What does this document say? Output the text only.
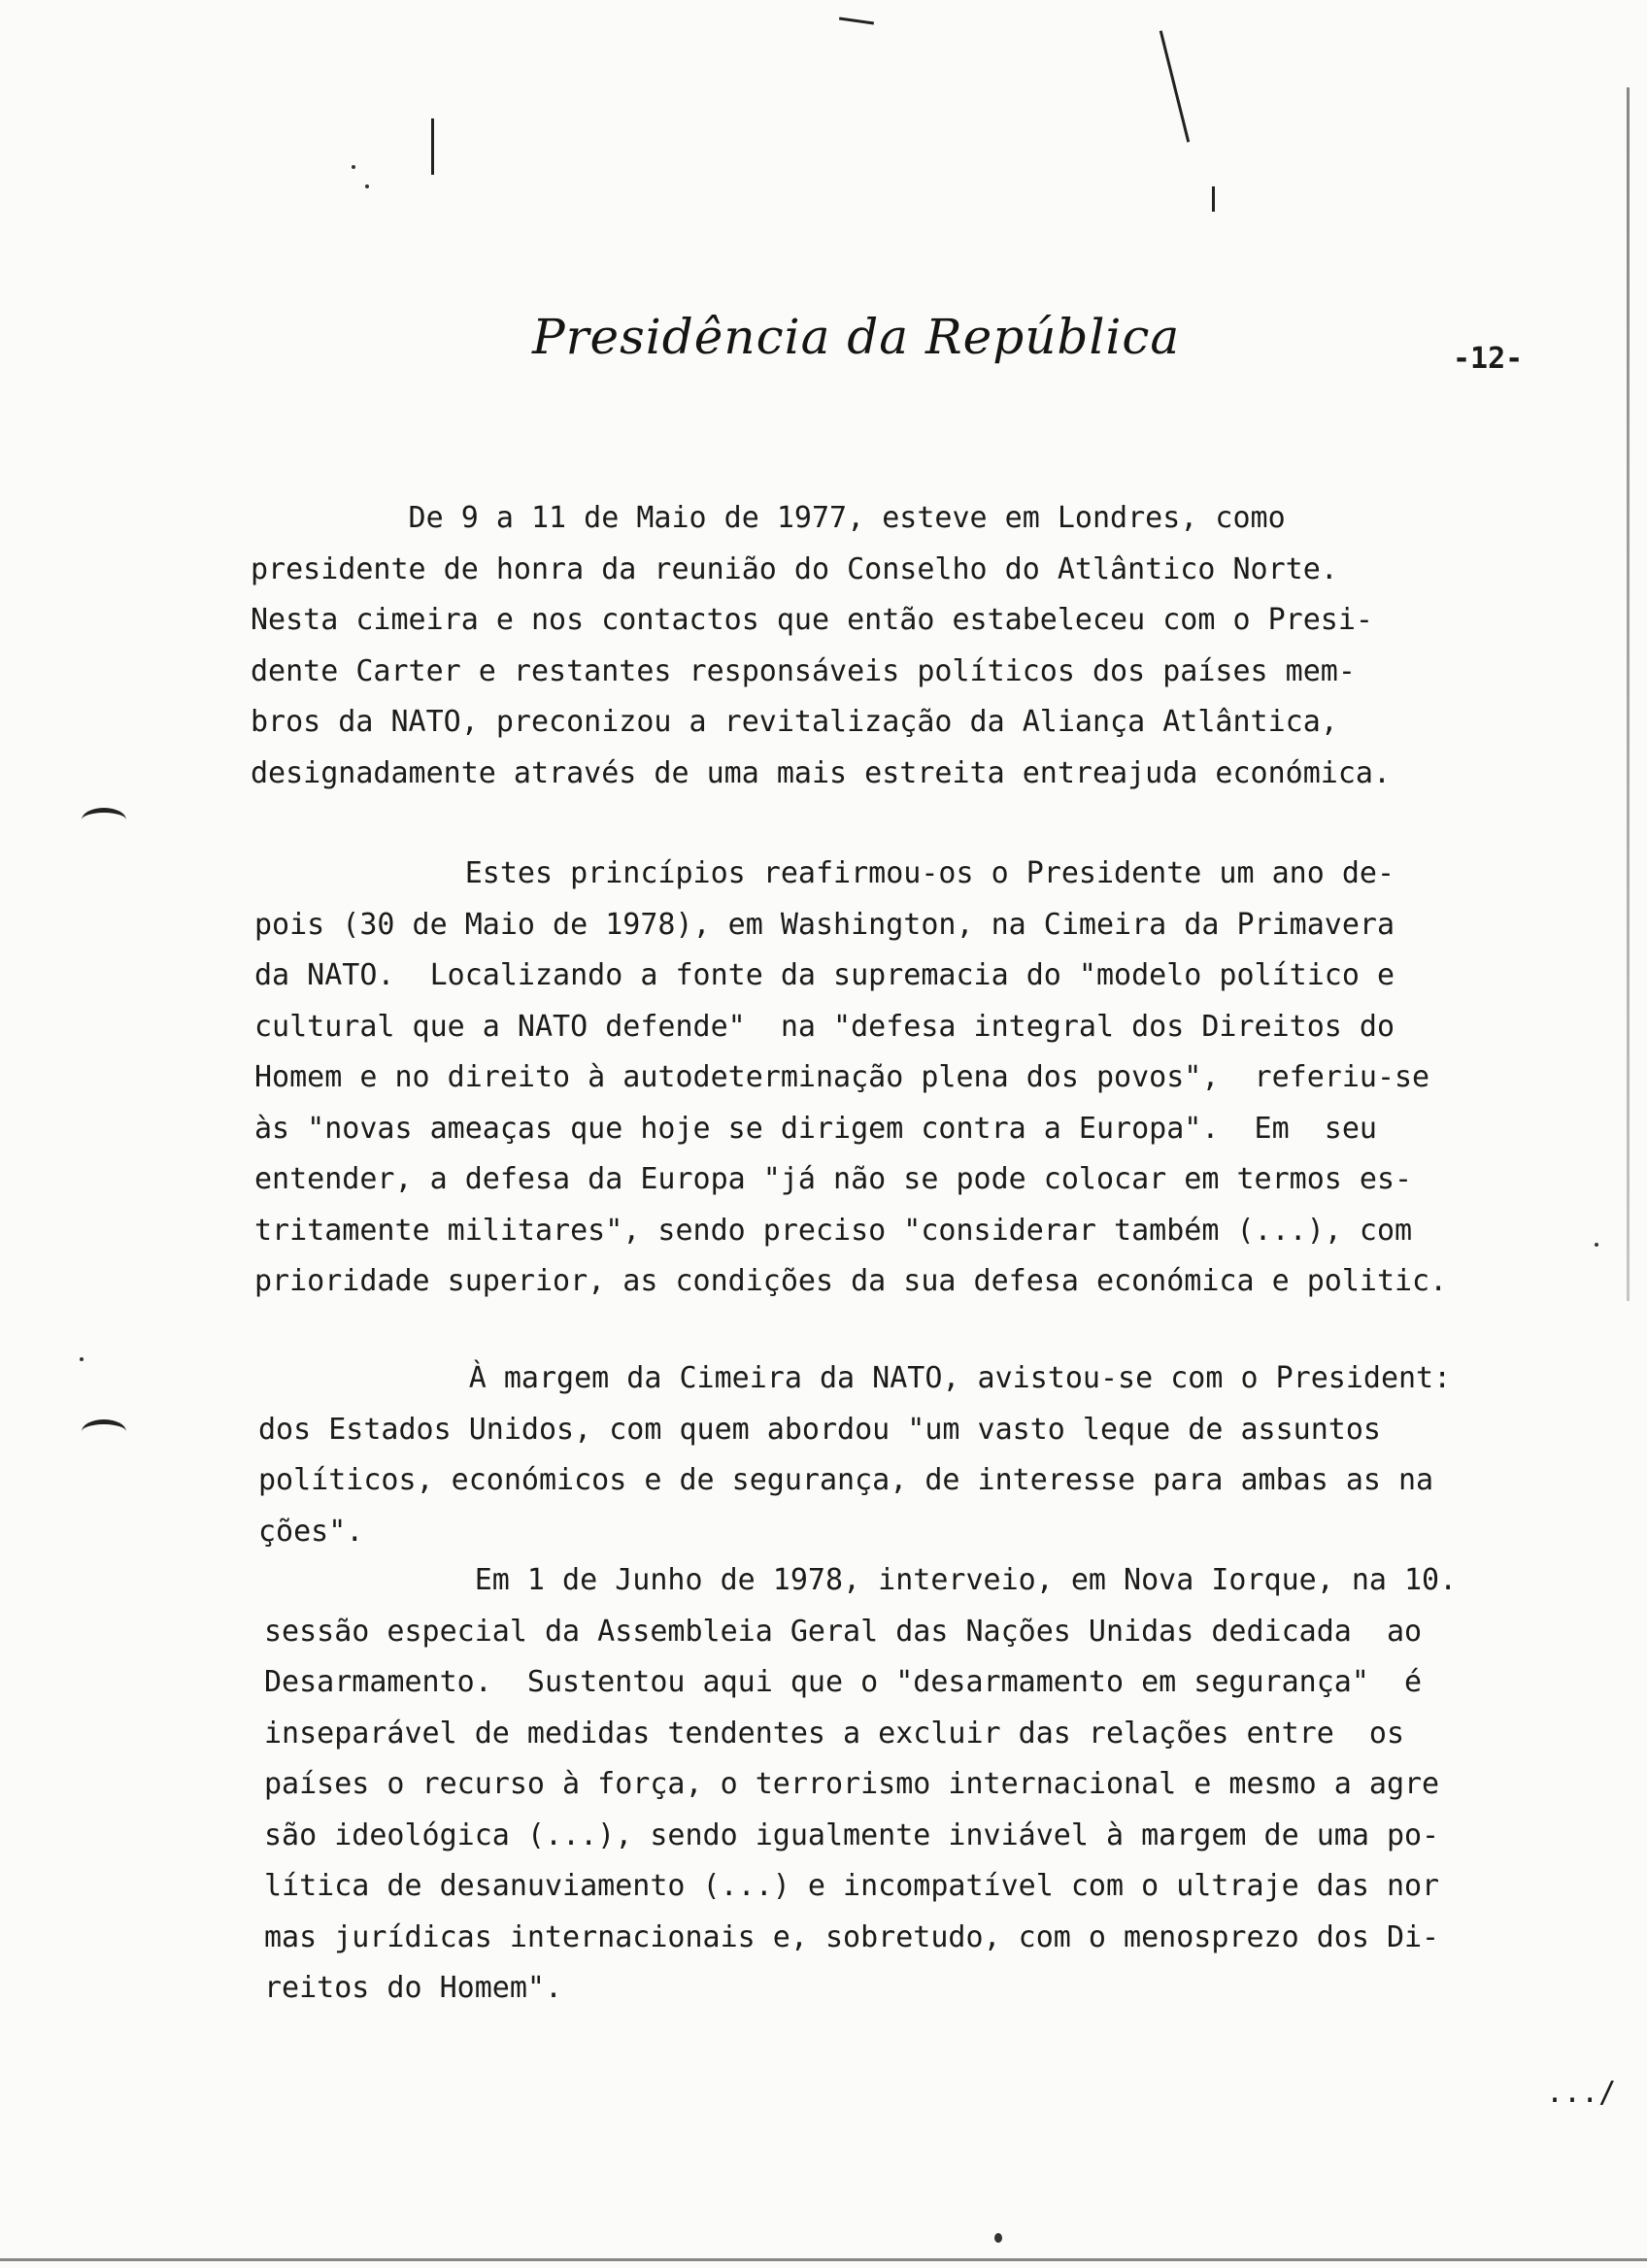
Presidência da República	-12-
De 9 a 11 de Maio de 1977, esteve em Londres, como
presidente de honra da reunião do Conselho do Atlântico Norte.
Nesta cimeira e nos contactos que então estabeleceu com o Presi-
dente Carter e restantes responsáveis políticos dos países mem-
bros da NATO, preconizou a revitalização da Aliança Atlântica,
designadamente através de uma mais estreita entreajuda económica.
Estes princípios reafirmou-os o Presidente um ano de-
pois (30 de Maio de 1978), em Washington, na Cimeira da Primavera
da NATO.  Localizando a fonte da supremacia do "modelo político e
cultural que a NATO defende"  na "defesa integral dos Direitos do
Homem e no direito à autodeterminação plena dos povos",  referiu-se
às "novas ameaças que hoje se dirigem contra a Europa".  Em  seu
entender, a defesa da Europa "já não se pode colocar em termos es-
tritamente militares", sendo preciso "considerar também (...), com
prioridade superior, as condições da sua defesa económica e politic.
À margem da Cimeira da NATO, avistou-se com o President:
dos Estados Unidos, com quem abordou "um vasto leque de assuntos
políticos, económicos e de segurança, de interesse para ambas as na
ções".
Em 1 de Junho de 1978, interveio, em Nova Iorque, na 10.
sessão especial da Assembleia Geral das Nações Unidas dedicada  ao
Desarmamento.  Sustentou aqui que o "desarmamento em segurança"  é
inseparável de medidas tendentes a excluir das relações entre  os
países o recurso à força, o terrorismo internacional e mesmo a agre
são ideológica (...), sendo igualmente inviável à margem de uma po-
lítica de desanuviamento (...) e incompatível com o ultraje das nor
mas jurídicas internacionais e, sobretudo, com o menosprezo dos Di-
reitos do Homem".
.../
